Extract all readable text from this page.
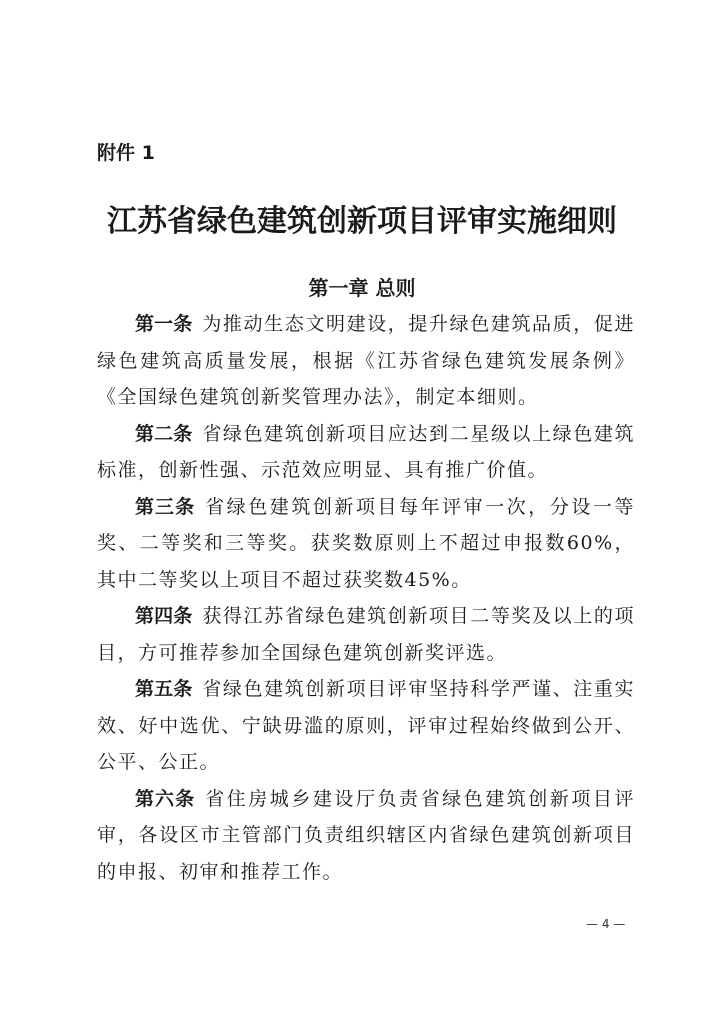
附件 1
江苏省绿色建筑创新项目评审实施细则
第一章 总则

第一条 为推动生态文明建设，提升绿色建筑品质，促进绿色建筑高质量发展，根据《江苏省绿色建筑发展条例》《全国绿色建筑创新奖管理办法》，制定本细则。

第二条 省绿色建筑创新项目应达到二星级以上绿色建筑标准，创新性强、示范效应明显、具有推广价值。

第三条 省绿色建筑创新项目每年评审一次，分设一等奖、二等奖和三等奖。获奖数原则上不超过申报数60%，其中二等奖以上项目不超过获奖数45%。

第四条 获得江苏省绿色建筑创新项目二等奖及以上的项目，方可推荐参加全国绿色建筑创新奖评选。

第五条 省绿色建筑创新项目评审坚持科学严谨、注重实效、好中选优、宁缺毋滥的原则，评审过程始终做到公开、公平、公正。

第六条 省住房城乡建设厅负责省绿色建筑创新项目评审，各设区市主管部门负责组织辖区内省绿色建筑创新项目的申报、初审和推荐工作。

— 4 —
